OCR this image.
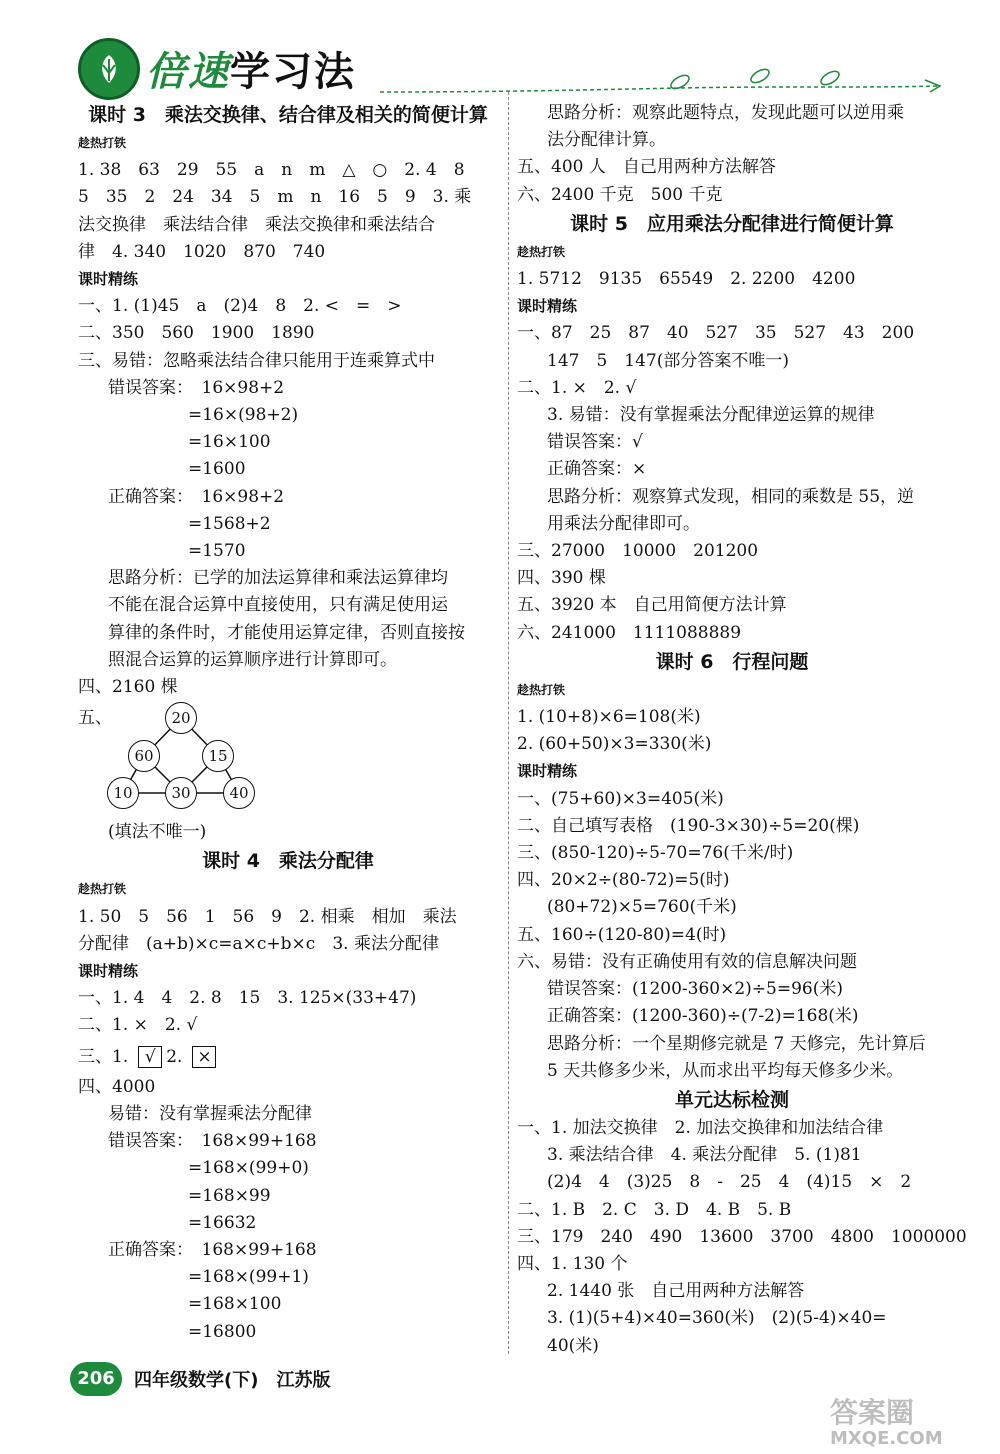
倍速学习法
课时 3　乘法交换律、结合律及相关的简便计算
趁热打铁
1. 38　63　29　55　a　n　m　△　○　2. 4　8
5　35　2　24　34　5　m　n　16　5　9　3. 乘
法交换律　乘法结合律　乘法交换律和乘法结合
律　4. 340　1020　870　740
课时精练
一、1. (1)45　a　(2)4　8　2. <　=　>
二、350　560　1900　1890
三、易错：忽略乘法结合律只能用于连乘算式中
错误答案：　16×98+2
=16×(98+2)
=16×100
=1600
正确答案：　16×98+2
=1568+2
=1570
思路分析：已学的加法运算律和乘法运算律均
不能在混合运算中直接使用，只有满足使用运
算律的条件时，才能使用运算定律，否则直接按
照混合运算的运算顺序进行计算即可。
四、2160 棵
五、	20
60	15
10	30	40
(填法不唯一)
课时 4　乘法分配律
趁热打铁
1. 50　5　56　1　56　9　2. 相乘　相加　乘法
分配律　(a+b)×c=a×c+b×c　3. 乘法分配律
课时精练
一、1. 4　4　2. 8　15　3. 125×(33+47)
二、1. ×　2. √
三、1. √ 2. ×
四、4000
易错：没有掌握乘法分配律
错误答案：　168×99+168
=168×(99+0)
=168×99
=16632
正确答案：　168×99+168
=168×(99+1)
=168×100
=16800
思路分析：观察此题特点，发现此题可以逆用乘
法分配律计算。
五、400 人　自己用两种方法解答
六、2400 千克　500 千克
课时 5　应用乘法分配律进行简便计算
趁热打铁
1. 5712　9135　65549　2. 2200　4200
课时精练
一、87　25　87　40　527　35　527　43　200
147　5　147(部分答案不唯一)
二、1. ×　2. √
3. 易错：没有掌握乘法分配律逆运算的规律
错误答案：√
正确答案：×
思路分析：观察算式发现，相同的乘数是 55，逆
用乘法分配律即可。
三、27000　10000　201200
四、390 棵
五、3920 本　自己用简便方法计算
六、241000　1111088889
课时 6　行程问题
趁热打铁
1. (10+8)×6=108(米)
2. (60+50)×3=330(米)
课时精练
一、(75+60)×3=405(米)
二、自己填写表格　(190-3×30)÷5=20(棵)
三、(850-120)÷5-70=76(千米/时)
四、20×2÷(80-72)=5(时)
(80+72)×5=760(千米)
五、160÷(120-80)=4(时)
六、易错：没有正确使用有效的信息解决问题
错误答案：(1200-360×2)÷5=96(米)
正确答案：(1200-360)÷(7-2)=168(米)
思路分析：一个星期修完就是 7 天修完，先计算后
5 天共修多少米，从而求出平均每天修多少米。
单元达标检测
一、1. 加法交换律　2. 加法交换律和加法结合律
3. 乘法结合律　4. 乘法分配律　5. (1)81
(2)4　4　(3)25　8　-　25　4　(4)15　×　2
二、1. B　2. C　3. D　4. B　5. B
三、179　240　490　13600　3700　4800　1000000
四、1. 130 个
2. 1440 张　自己用两种方法解答
3. (1)(5+4)×40=360(米)　(2)(5-4)×40=
40(米)
206	四年级数学(下)　江苏版
答案圈
MXQE.COM
